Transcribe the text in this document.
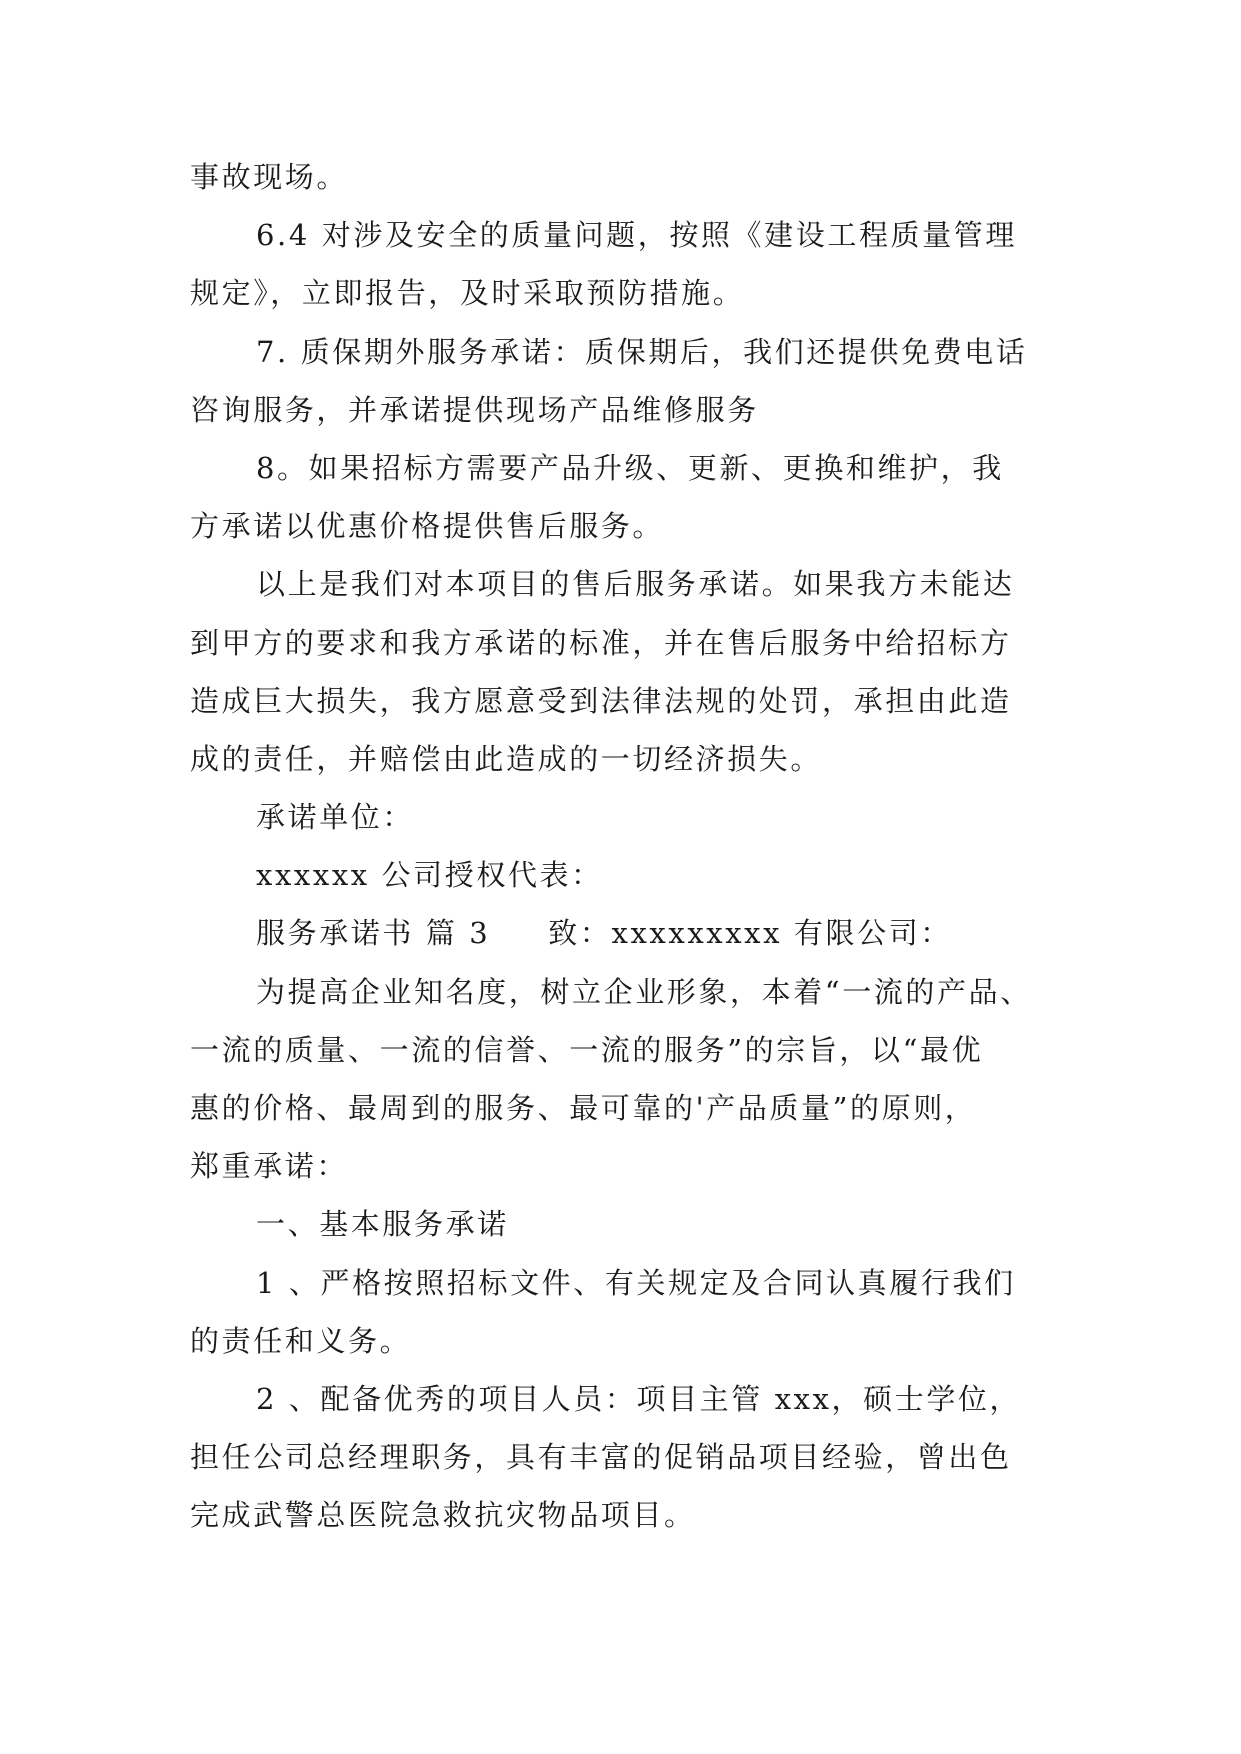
事故现场。
6.4 对涉及安全的质量问题，按照《建设工程质量管理
规定》，立即报告，及时采取预防措施。
7. 质保期外服务承诺：质保期后，我们还提供免费电话
咨询服务，并承诺提供现场产品维修服务
8。如果招标方需要产品升级、更新、更换和维护，我
方承诺以优惠价格提供售后服务。
以上是我们对本项目的售后服务承诺。如果我方未能达
到甲方的要求和我方承诺的标准，并在售后服务中给招标方
造成巨大损失，我方愿意受到法律法规的处罚，承担由此造
成的责任，并赔偿由此造成的一切经济损失。
承诺单位：
xxxxxx 公司授权代表：
服务承诺书 篇 3 致：xxxxxxxxx 有限公司：
为提高企业知名度，树立企业形象，本着“一流的产品、
一流的质量、一流的信誉、一流的服务”的宗旨，以“最优
惠的价格、最周到的服务、最可靠的'产品质量”的原则，
郑重承诺：
一、基本服务承诺
1 、严格按照招标文件、有关规定及合同认真履行我们
的责任和义务。
2 、配备优秀的项目人员：项目主管 xxx，硕士学位，
担任公司总经理职务，具有丰富的促销品项目经验，曾出色
完成武警总医院急救抗灾物品项目。
